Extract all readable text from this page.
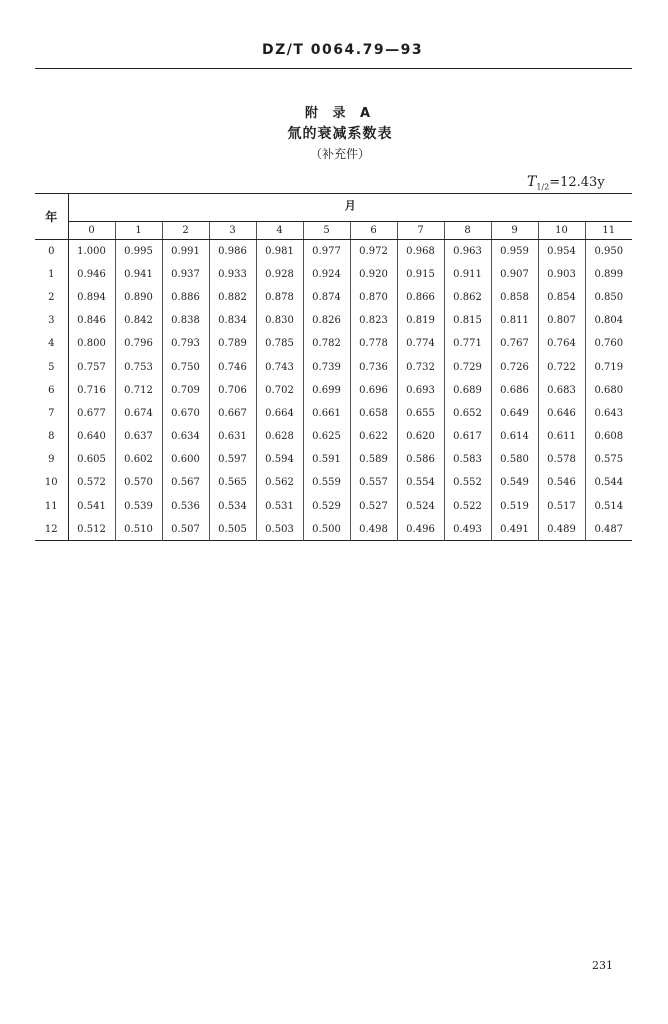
DZ/T 0064.79—93
附 录 A
氚的衰减系数表
（补充件）
$T_{1/2}=12.43y$
年	月											
	0	1	2	3	4	5	6	7	8	9	10	11
0	1.000	0.995	0.991	0.986	0.981	0.977	0.972	0.968	0.963	0.959	0.954	0.950
1	0.946	0.941	0.937	0.933	0.928	0.924	0.920	0.915	0.911	0.907	0.903	0.899
2	0.894	0.890	0.886	0.882	0.878	0.874	0.870	0.866	0.862	0.858	0.854	0.850
3	0.846	0.842	0.838	0.834	0.830	0.826	0.823	0.819	0.815	0.811	0.807	0.804
4	0.800	0.796	0.793	0.789	0.785	0.782	0.778	0.774	0.771	0.767	0.764	0.760
5	0.757	0.753	0.750	0.746	0.743	0.739	0.736	0.732	0.729	0.726	0.722	0.719
6	0.716	0.712	0.709	0.706	0.702	0.699	0.696	0.693	0.689	0.686	0.683	0.680
7	0.677	0.674	0.670	0.667	0.664	0.661	0.658	0.655	0.652	0.649	0.646	0.643
8	0.640	0.637	0.634	0.631	0.628	0.625	0.622	0.620	0.617	0.614	0.611	0.608
9	0.605	0.602	0.600	0.597	0.594	0.591	0.589	0.586	0.583	0.580	0.578	0.575
10	0.572	0.570	0.567	0.565	0.562	0.559	0.557	0.554	0.552	0.549	0.546	0.544
11	0.541	0.539	0.536	0.534	0.531	0.529	0.527	0.524	0.522	0.519	0.517	0.514
12	0.512	0.510	0.507	0.505	0.503	0.500	0.498	0.496	0.493	0.491	0.489	0.487
231
